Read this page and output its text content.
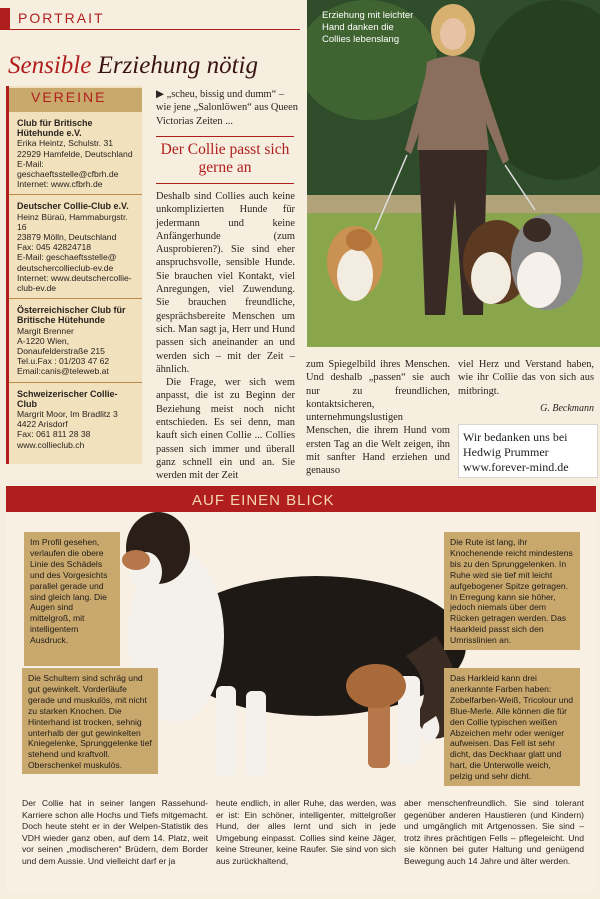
PORTRAIT
Sensible Erziehung nötig
Erziehung mit leichter Hand danken die Collies lebenslang
VEREINE
Club für Britische Hütehunde e.V.
Erika Heintz, Schulstr. 31
22929 Hamfelde, Deutschland
E-Mail: geschaeftsstelle@cfbrh.de
Internet: www.cfbrh.de
Deutscher Collie-Club e.V.
Heinz Büraü, Hammaburgstr. 16
23879 Mölln, Deutschland
Fax: 045 42824718
E-Mail: geschaeftsstelle@
deutschercollieclub-ev.de
Internet: www.deutschercollie-
club-ev.de
Österreichischer Club für Britische Hütehunde
Margit Brenner
A-1220 Wien,
Donaufelderstraße 215
Tel.u.Fax : 01/203 47 62
Email:canis@teleweb.at
Schweizerischer Collie-Club
Margrit Moor, Im Bradlitz 3
4422 Arisdorf
Fax: 061 811 28 38
www.collieclub.ch
▶ „scheu, bissig und dumm“ – wie jene „Salonlöwen“ aus Queen Victorias Zeiten ...
Der Collie passt sich gerne an

Deshalb sind Collies auch keine unkomplizierten Hunde für jedermann und keine Anfängerhunde (zum Ausprobieren?). Sie sind eher anspruchsvolle, sensible Hunde. Sie brauchen viel Kontakt, viel Anregungen, viel Zuwendung. Sie brauchen freundliche, gesprächsbereite Menschen um sich. Man sagt ja, Herr und Hund passen sich aneinander an und werden sich – mit der Zeit – ähnlich.

Die Frage, wer sich wem anpasst, die ist zu Beginn der Beziehung meist noch nicht entschieden. Es sei denn, man kauft sich einen Collie ... Collies passen sich immer und überall ganz schnell ein und an. Sie werden mit der Zeit

zum Spiegelbild ihres Menschen. Und deshalb „passen“ sie auch nur zu freundlichen, kontaktsicheren, unternehmungslustigen Menschen, die ihrem Hund vom ersten Tag an die Welt zeigen, ihn mit sanfter Hand erziehen und genauso

viel Herz und Verstand haben, wie ihr Collie das von sich aus mitbringt.

G. Beckmann
Wir bedanken uns bei Hedwig Prummer www.forever-mind.de
AUF EINEN BLICK
Im Profil gesehen, verlaufen die obere Linie des Schädels und des Vorgesichts parallel gerade und sind gleich lang. Die Augen sind mittelgroß, mit intelligentem Ausdruck.
Die Schultern sind schräg und gut gewinkelt. Vorderläufe gerade und muskulös, mit nicht zu starken Knochen. Die Hinterhand ist trocken, sehnig unterhalb der gut gewinkelten Kniegelenke, Sprunggelenke tief stehend und kraftvoll. Oberschenkel muskulös.
Die Rute ist lang, ihr Knochenende reicht mindestens bis zu den Sprunggelenken. In Ruhe wird sie tief mit leicht aufgebogener Spitze getragen. In Erregung kann sie höher, jedoch niemals über dem Rücken getragen werden. Das Haarkleid passt sich den Umrisslinien an.
Das Harkleid kann drei anerkannte Farben haben: Zobelfarben-Weiß, Tricolour und Blue-Merle. Alle können die für den Collie typischen weißen Abzeichen mehr oder weniger aufweisen. Das Fell ist sehr dicht, das Deckhaar glatt und hart, die Unterwolle weich, pelzig und sehr dicht.
Der Collie hat in seiner langen Rassehund-Karriere schon alle Hochs und Tiefs mitgemacht. Doch heute steht er in der Welpen-Statistik des VDH wieder ganz oben, auf dem 14. Platz, weit vor seinen „modischeren“ Brüdern, dem Border und dem Aussie. Und vielleicht darf er ja
heute endlich, in aller Ruhe, das werden, was er ist: Ein schöner, intelligenter, mittelgroßer Hund, der alles lernt und sich in jede Umgebung einpasst. Collies sind keine Jäger, keine Streuner, keine Raufer. Sie sind von sich aus zurückhaltend,
aber menschenfreundlich. Sie sind tolerant gegenüber anderen Haustieren (und Kindern) und umgänglich mit Artgenossen. Sie sind – trotz ihres prächtigen Fells – pflegeleicht. Und sie können bei guter Haltung und genügend Bewegung auch 14 Jahre und älter werden.
